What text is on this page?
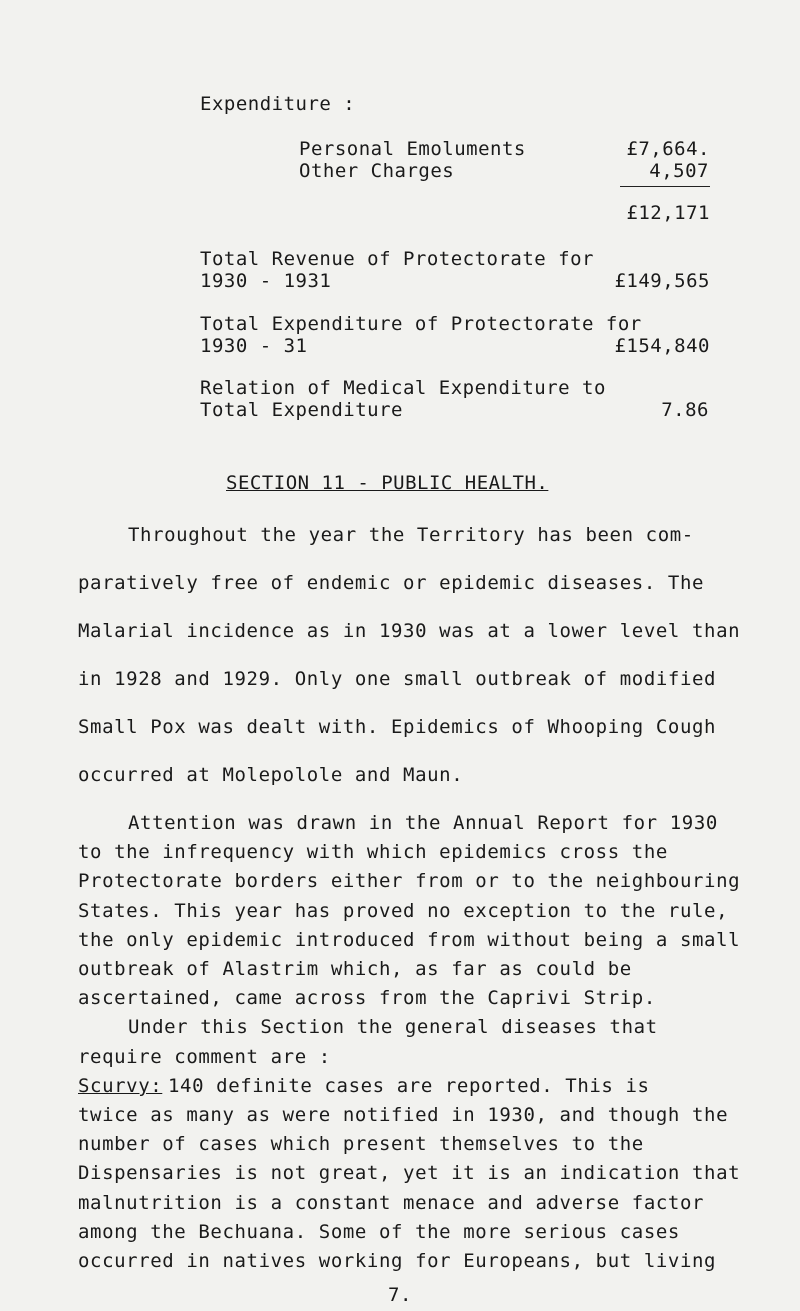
Expenditure :
Personal Emoluments	£7,664.
Other Charges	4,507
£12,171
Total Revenue of Protectorate for
1930 - 1931	£149,565
Total Expenditure of Protectorate for
1930 - 31	£154,840
Relation of Medical Expenditure to
Total Expenditure	7.86
SECTION 11 - PUBLIC HEALTH.
Throughout the year the Territory has been com-
paratively free of endemic or epidemic diseases. The
Malarial incidence as in 1930 was at a lower level than
in 1928 and 1929. Only one small outbreak of modified
Small Pox was dealt with. Epidemics of Whooping Cough
occurred at Molepolole and Maun.
Scurvy:
7.
Attention was drawn in the Annual Report for 1930
to the infrequency with which epidemics cross the
Protectorate borders either from or to the neighbouring
States. This year has proved no exception to the rule,
the only epidemic introduced from without being a small
outbreak of Alastrim which, as far as could be
ascertained, came across from the Caprivi Strip.
Under this Section the general diseases that
require comment are :
140 definite cases are reported. This is
twice as many as were notified in 1930, and though the
number of cases which present themselves to the
Dispensaries is not great, yet it is an indication that
malnutrition is a constant menace and adverse factor
among the Bechuana. Some of the more serious cases
occurred in natives working for Europeans, but living
